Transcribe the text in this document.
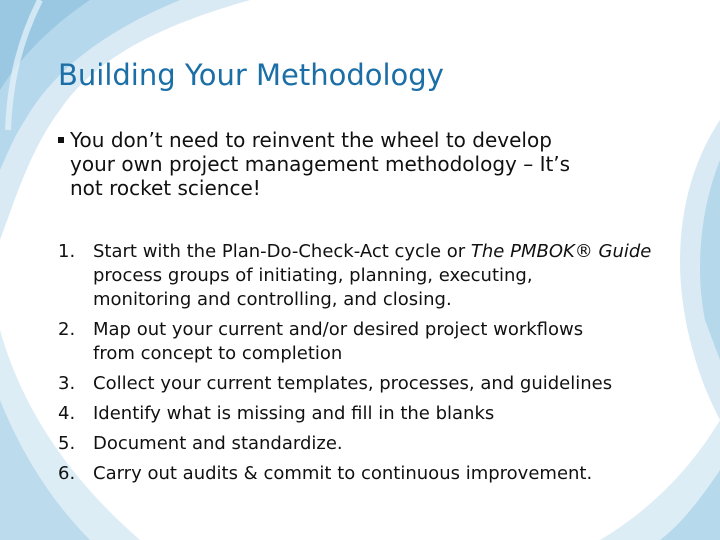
Building Your Methodology
You don’t need to reinvent the wheel to develop
your own project management methodology – It’s
not rocket science!
1. Start with the Plan-Do-Check-Act cycle or The PMBOK® Guide
process groups of initiating, planning, executing,
monitoring and controlling, and closing.
2. Map out your current and/or desired project workflows
from concept to completion
3. Collect your current templates, processes, and guidelines
4. Identify what is missing and fill in the blanks
5. Document and standardize.
6. Carry out audits & commit to continuous improvement.
